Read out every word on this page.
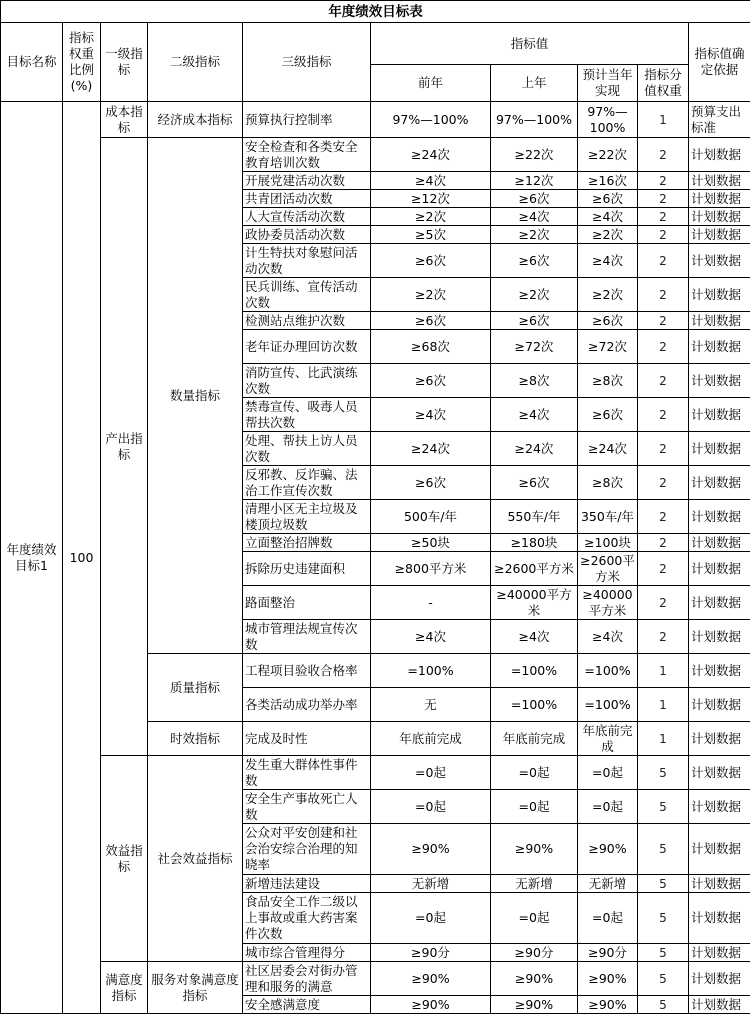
年度绩效目标表									
目标名称	指标权重比例(%)	一级指标	二级指标	三级指标	指标值				指标值确定依据
					前年	上年	预计当年实现	指标分值权重	
年度绩效目标1	100	成本指标	经济成本指标	预算执行控制率	97%—100%	97%—100%	97%—100%	1	预算支出标准
		产出指标	数量指标	安全检查和各类安全教育培训次数	≥24次	≥22次	≥22次	2	计划数据
				开展党建活动次数	≥4次	≥12次	≥16次	2	计划数据
				共青团活动次数	≥12次	≥6次	≥6次	2	计划数据
				人大宣传活动次数	≥2次	≥4次	≥4次	2	计划数据
				政协委员活动次数	≥5次	≥2次	≥2次	2	计划数据
				计生特扶对象慰问活动次数	≥6次	≥6次	≥4次	2	计划数据
				民兵训练、宣传活动次数	≥2次	≥2次	≥2次	2	计划数据
				检测站点维护次数	≥6次	≥6次	≥6次	2	计划数据
				老年证办理回访次数	≥68次	≥72次	≥72次	2	计划数据
				消防宣传、比武演练次数	≥6次	≥8次	≥8次	2	计划数据
				禁毒宣传、吸毒人员帮扶次数	≥4次	≥4次	≥6次	2	计划数据
				处理、帮扶上访人员次数	≥24次	≥24次	≥24次	2	计划数据
				反邪教、反诈骗、法治工作宣传次数	≥6次	≥6次	≥8次	2	计划数据
				清理小区无主垃圾及楼顶垃圾数	500车/年	550车/年	350车/年	2	计划数据
				立面整治招牌数	≥50块	≥180块	≥100块	2	计划数据
				拆除历史违建面积	≥800平方米	≥2600平方米	≥2600平方米	2	计划数据
				路面整治	-	≥40000平方米	≥40000平方米	2	计划数据
				城市管理法规宣传次数	≥4次	≥4次	≥4次	2	计划数据
			质量指标	工程项目验收合格率	=100%	=100%	=100%	1	计划数据
				各类活动成功举办率	无	=100%	=100%	1	计划数据
			时效指标	完成及时性	年底前完成	年底前完成	年底前完成	1	计划数据
		效益指标	社会效益指标	发生重大群体性事件数	=0起	=0起	=0起	5	计划数据
				安全生产事故死亡人数	=0起	=0起	=0起	5	计划数据
				公众对平安创建和社会治安综合治理的知晓率	≥90%	≥90%	≥90%	5	计划数据
				新增违法建设	无新增	无新增	无新增	5	计划数据
				食品安全工作二级以上事故或重大药害案件次数	=0起	=0起	=0起	5	计划数据
				城市综合管理得分	≥90分	≥90分	≥90分	5	计划数据
		满意度指标	服务对象满意度指标	社区居委会对街办管理和服务的满意	≥90%	≥90%	≥90%	5	计划数据
				安全感满意度	≥90%	≥90%	≥90%	5	计划数据
